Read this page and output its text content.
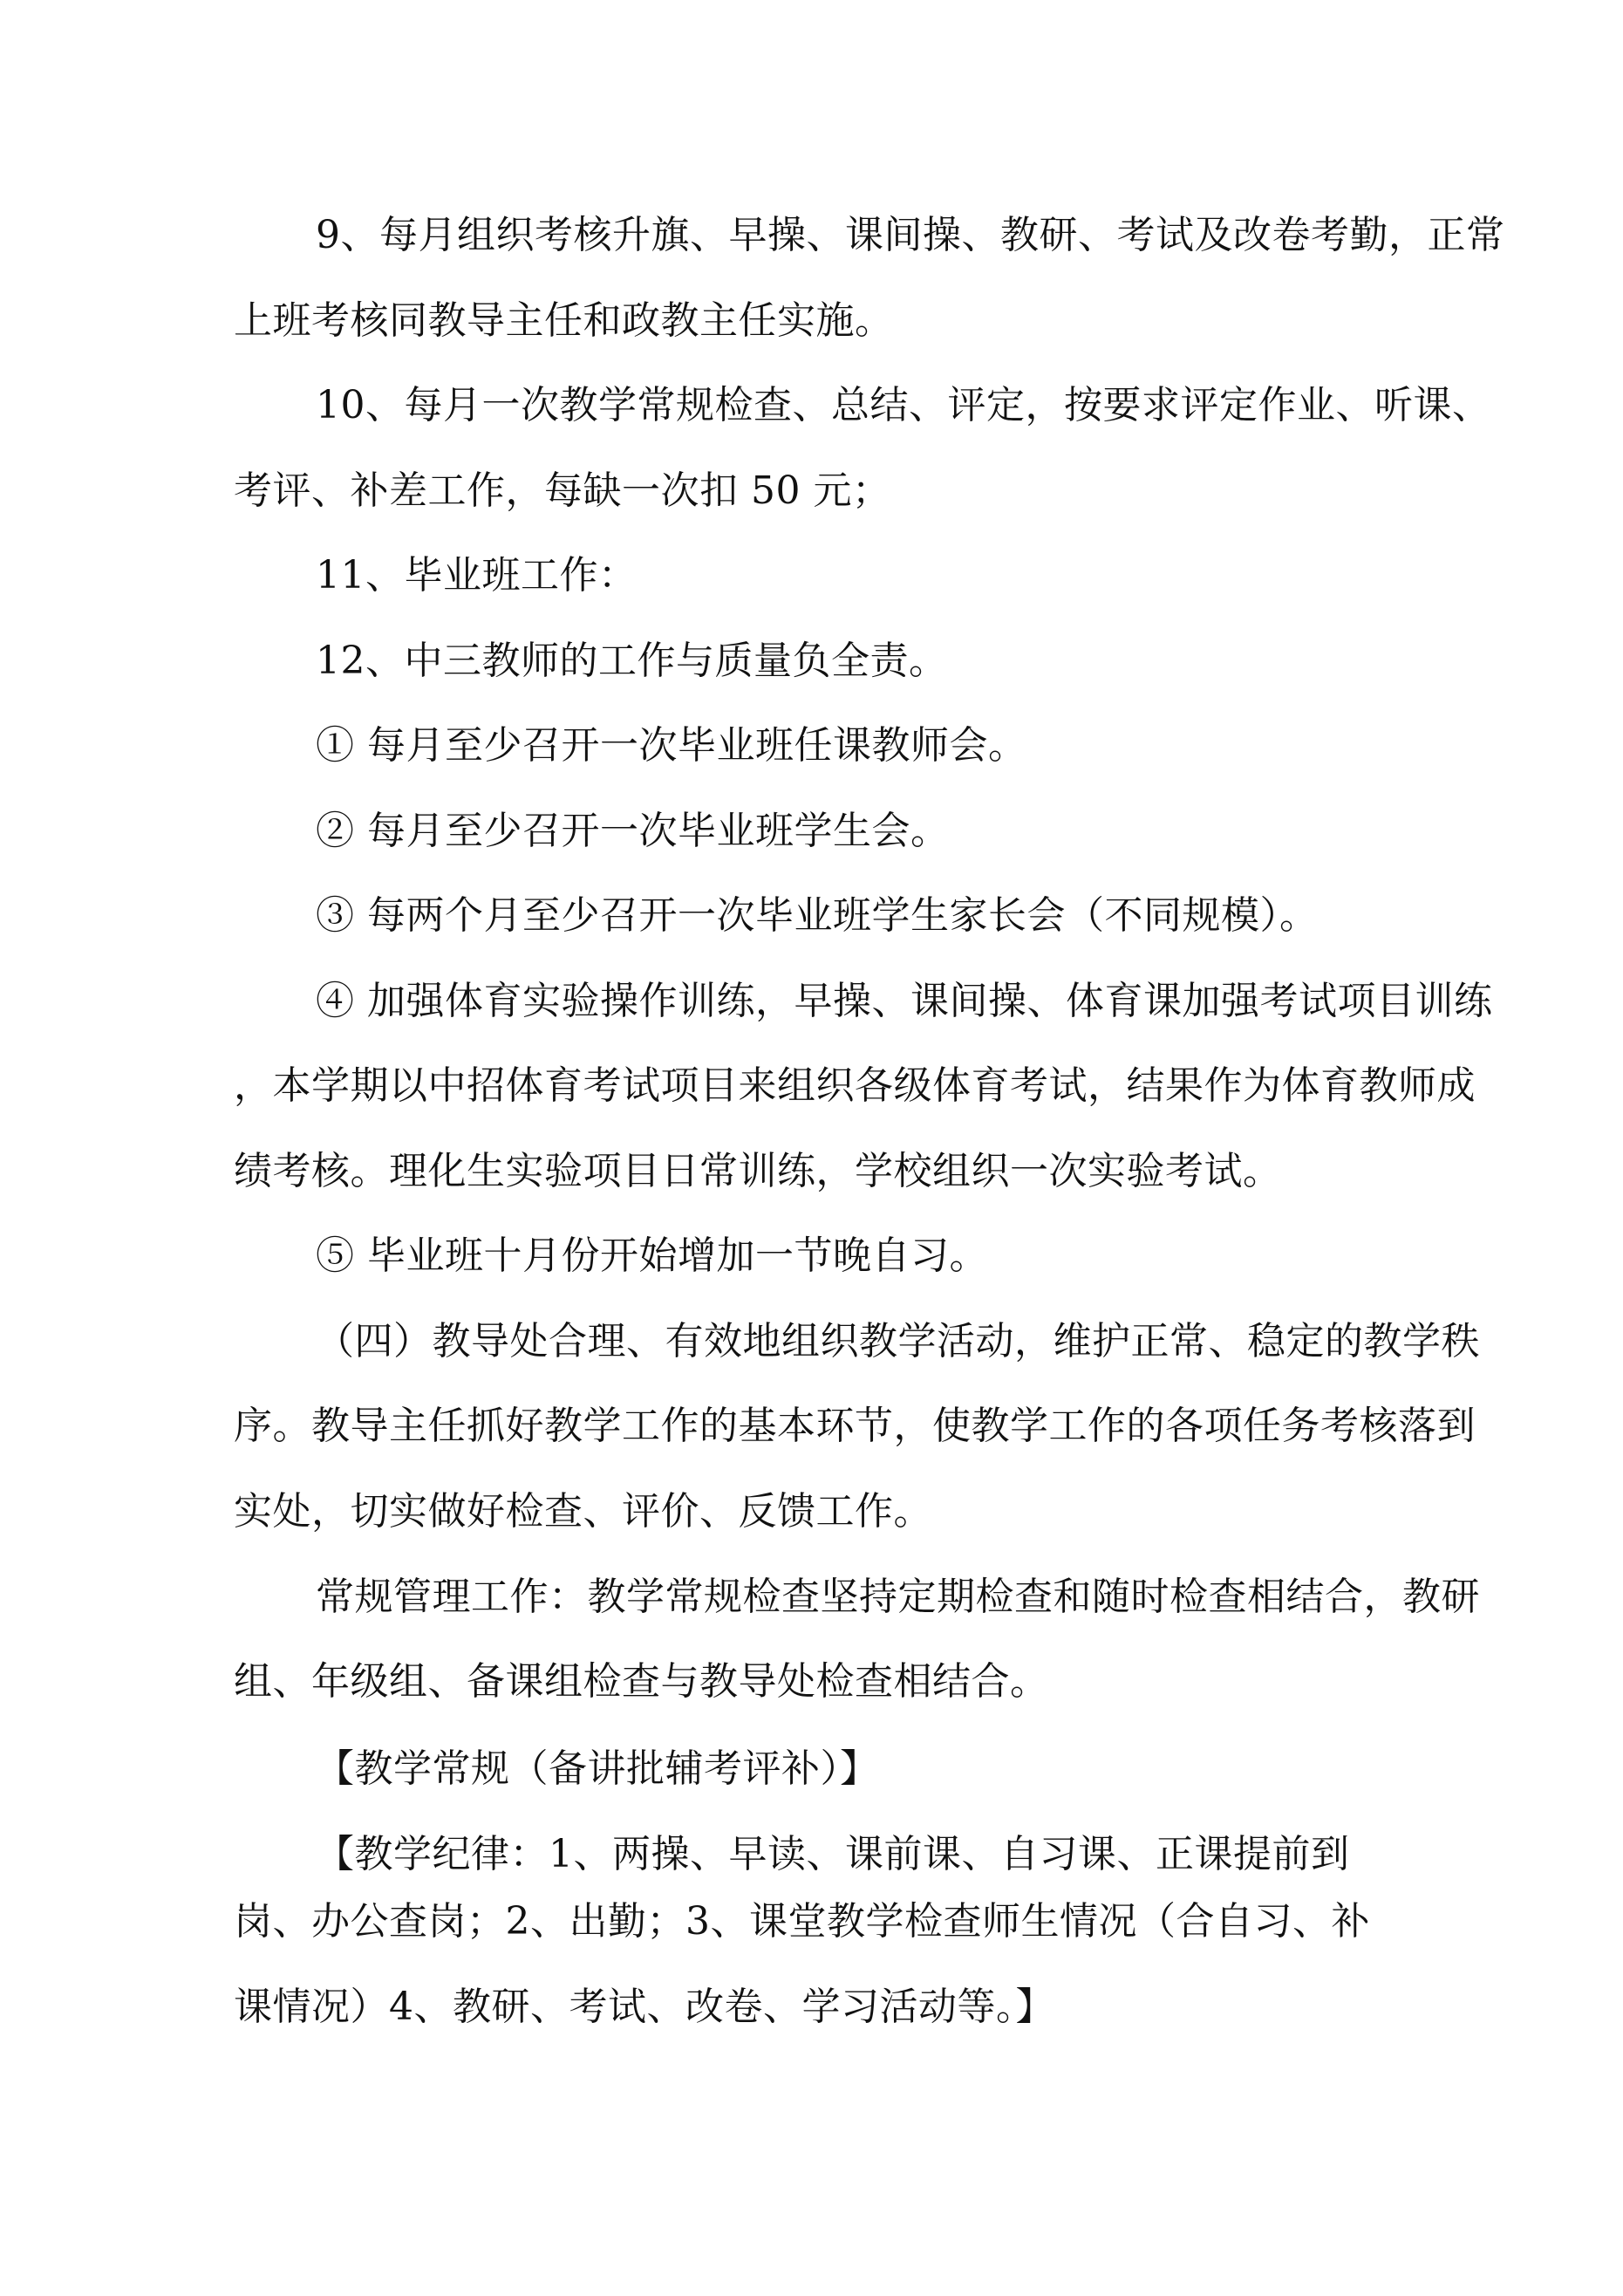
9、每月组织考核升旗、早操、课间操、教研、考试及改卷考勤，正常

上班考核同教导主任和政教主任实施。

10、每月一次教学常规检查、总结、评定，按要求评定作业、听课、

考评、补差工作，每缺一次扣 50 元；

11、毕业班工作：

12、中三教师的工作与质量负全责。

① 每月至少召开一次毕业班任课教师会。

② 每月至少召开一次毕业班学生会。

③ 每两个月至少召开一次毕业班学生家长会（不同规模）。

④ 加强体育实验操作训练，早操、课间操、体育课加强考试项目训练

，本学期以中招体育考试项目来组织各级体育考试，结果作为体育教师成

绩考核。理化生实验项目日常训练，学校组织一次实验考试。

⑤ 毕业班十月份开始增加一节晚自习。

（四）教导处合理、有效地组织教学活动，维护正常、稳定的教学秩

序。教导主任抓好教学工作的基本环节，使教学工作的各项任务考核落到

实处，切实做好检查、评价、反馈工作。

常规管理工作：教学常规检查坚持定期检查和随时检查相结合，教研

组、年级组、备课组检查与教导处检查相结合。

【教学常规（备讲批辅考评补）】

【教学纪律：1、两操、早读、课前课、自习课、正课提前到

岗、办公查岗；2、出勤；3、课堂教学检查师生情况（合自习、补

课情况）4、教研、考试、改卷、学习活动等。】
